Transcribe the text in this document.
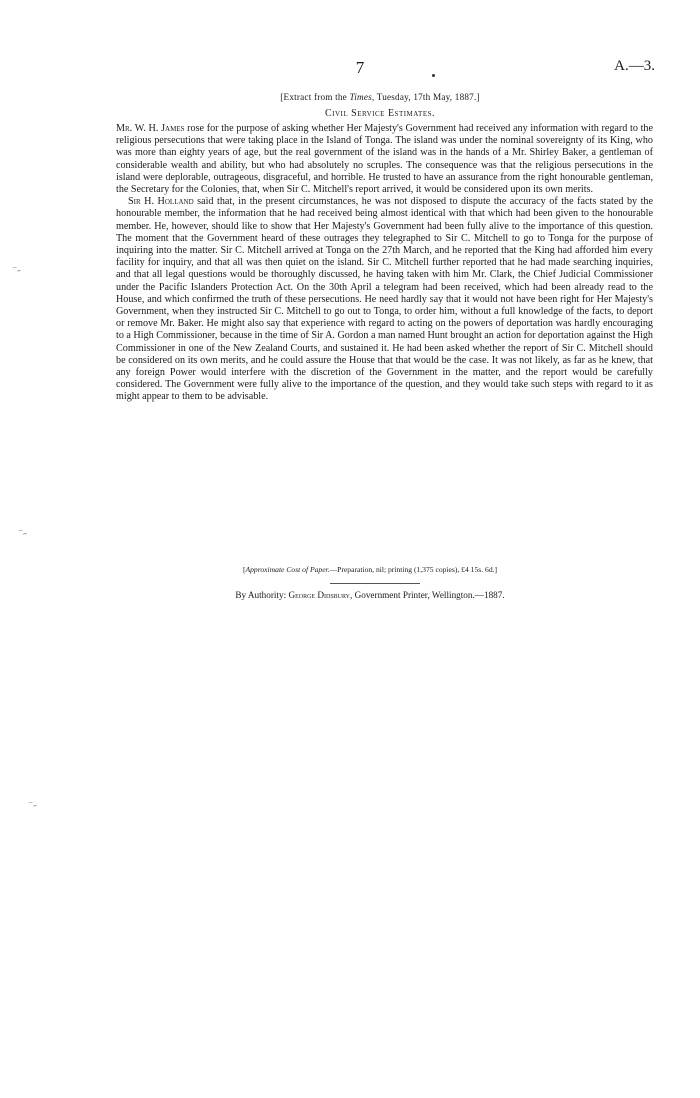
7	A.—3.
[Extract from the Times, Tuesday, 17th May, 1887.]
Civil Service Estimates.

Mr. W. H. James rose for the purpose of asking whether Her Majesty's Government had received any information with regard to the religious persecutions that were taking place in the Island of Tonga. The island was under the nominal sovereignty of its King, who was more than eighty years of age, but the real government of the island was in the hands of a Mr. Shirley Baker, a gentleman of considerable wealth and ability, but who had absolutely no scruples. The consequence was that the religious persecutions in the island were deplorable, outrageous, disgraceful, and horrible. He trusted to have an assurance from the right honourable gentleman, the Secretary for the Colonies, that, when Sir C. Mitchell's report arrived, it would be considered upon its own merits.

Sir H. Holland said that, in the present circumstances, he was not disposed to dispute the accuracy of the facts stated by the honourable member, the information that he had received being almost identical with that which had been given to the honourable member. He, however, should like to show that Her Majesty's Government had been fully alive to the importance of this question. The moment that the Government heard of these outrages they telegraphed to Sir C. Mitchell to go to Tonga for the purpose of inquiring into the matter. Sir C. Mitchell arrived at Tonga on the 27th March, and he reported that the King had afforded him every facility for inquiry, and that all was then quiet on the island. Sir C. Mitchell further reported that he had made searching inquiries, and that all legal questions would be thoroughly discussed, he having taken with him Mr. Clark, the Chief Judicial Commissioner under the Pacific Islanders Protection Act. On the 30th April a telegram had been received, which had been already read to the House, and which confirmed the truth of these persecutions. He need hardly say that it would not have been right for Her Majesty's Government, when they instructed Sir C. Mitchell to go out to Tonga, to order him, without a full knowledge of the facts, to deport or remove Mr. Baker. He might also say that experience with regard to acting on the powers of deportation was hardly encouraging to a High Commissioner, because in the time of Sir A. Gordon a man named Hunt brought an action for deportation against the High Commissioner in one of the New Zealand Courts, and sustained it. He had been asked whether the report of Sir C. Mitchell should be considered on its own merits, and he could assure the House that that would be the case. It was not likely, as far as he knew, that any foreign Power would interfere with the discretion of the Government in the matter, and the report would be carefully considered. The Government were fully alive to the importance of the question, and they would take such steps with regard to it as might appear to them to be advisable.

[Approximate Cost of Paper.—Preparation, nil; printing (1,375 copies), £4 15s. 6d.]
By Authority: George Didsbury, Government Printer, Wellington.—1887.
⁻˶
⁻˶
⁻˶
